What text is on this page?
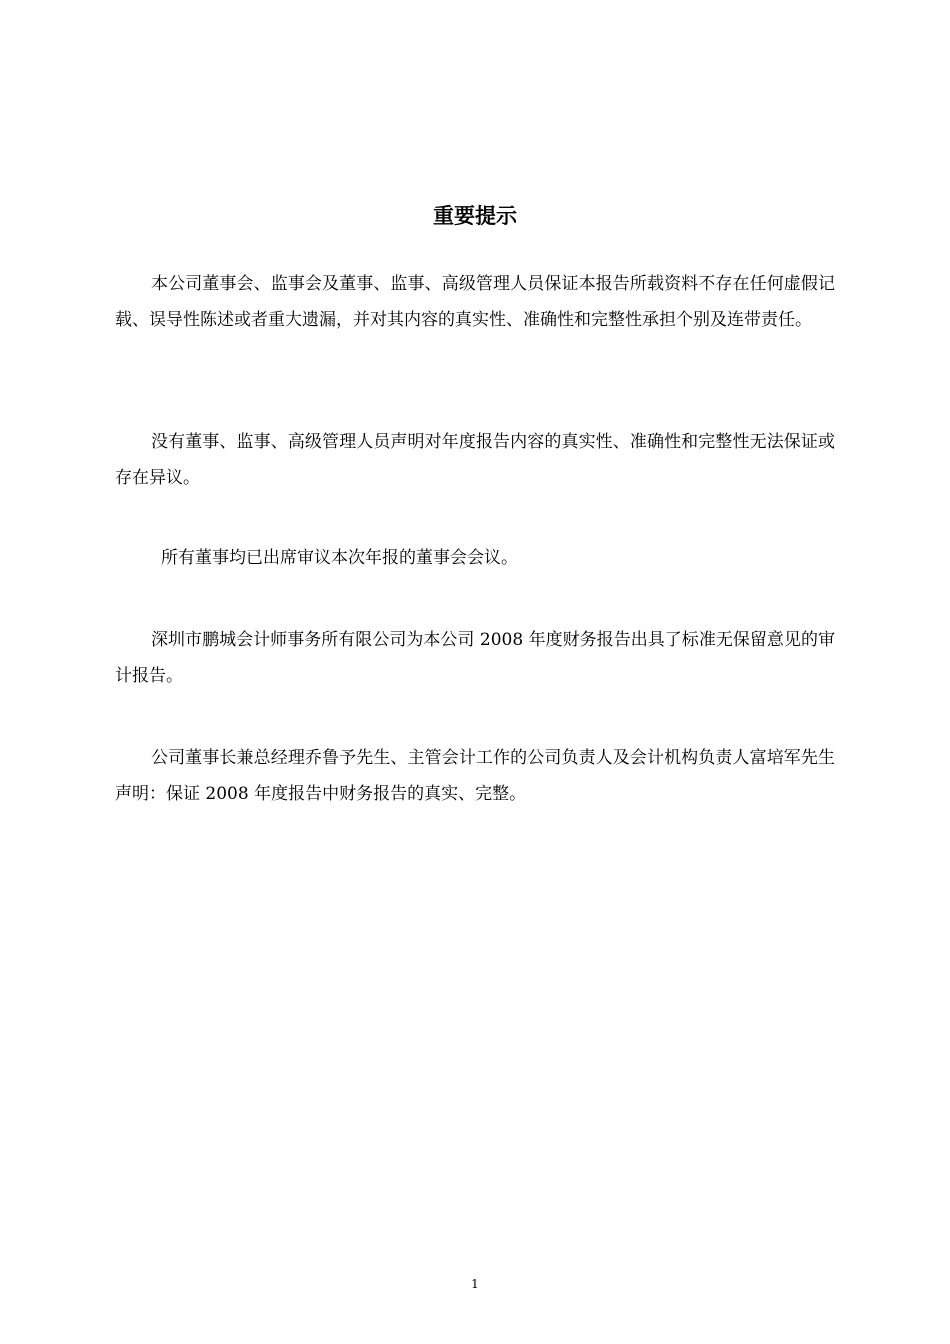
重要提示

本公司董事会、监事会及董事、监事、高级管理人员保证本报告所载资料不存在任何虚假记载、误导性陈述或者重大遗漏，并对其内容的真实性、准确性和完整性承担个别及连带责任。

没有董事、监事、高级管理人员声明对年度报告内容的真实性、准确性和完整性无法保证或存在异议。

所有董事均已出席审议本次年报的董事会会议。

深圳市鹏城会计师事务所有限公司为本公司 2008 年度财务报告出具了标准无保留意见的审计报告。

公司董事长兼总经理乔鲁予先生、主管会计工作的公司负责人及会计机构负责人富培军先生声明：保证 2008 年度报告中财务报告的真实、完整。

1
